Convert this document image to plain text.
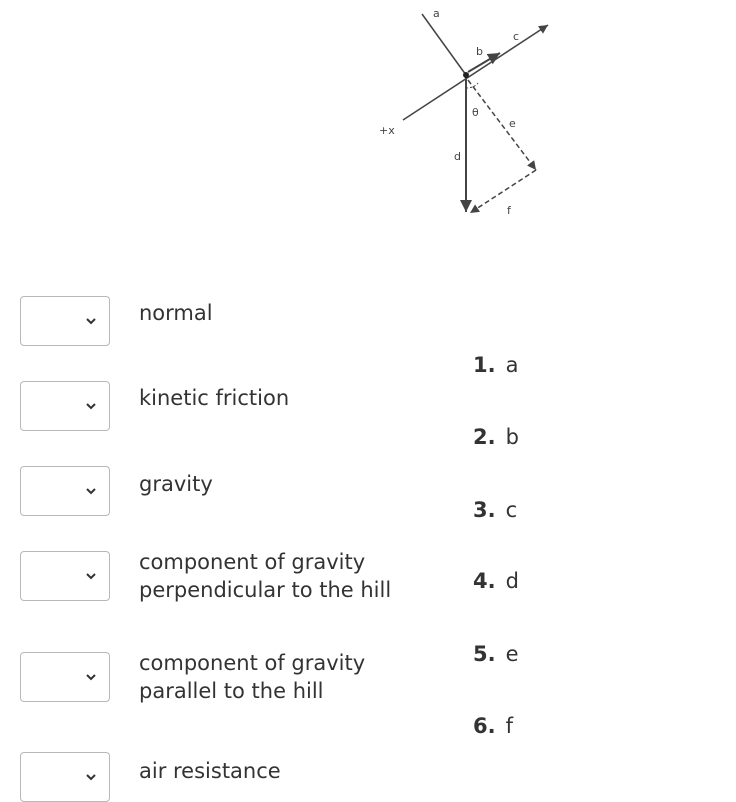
a
b
c
d
e
f
θ
+x

normal

kinetic friction

gravity

component of gravity
perpendicular to the hill

component of gravity
parallel to the hill

air resistance

1. a
2. b
3. c
4. d
5. e
6. f
